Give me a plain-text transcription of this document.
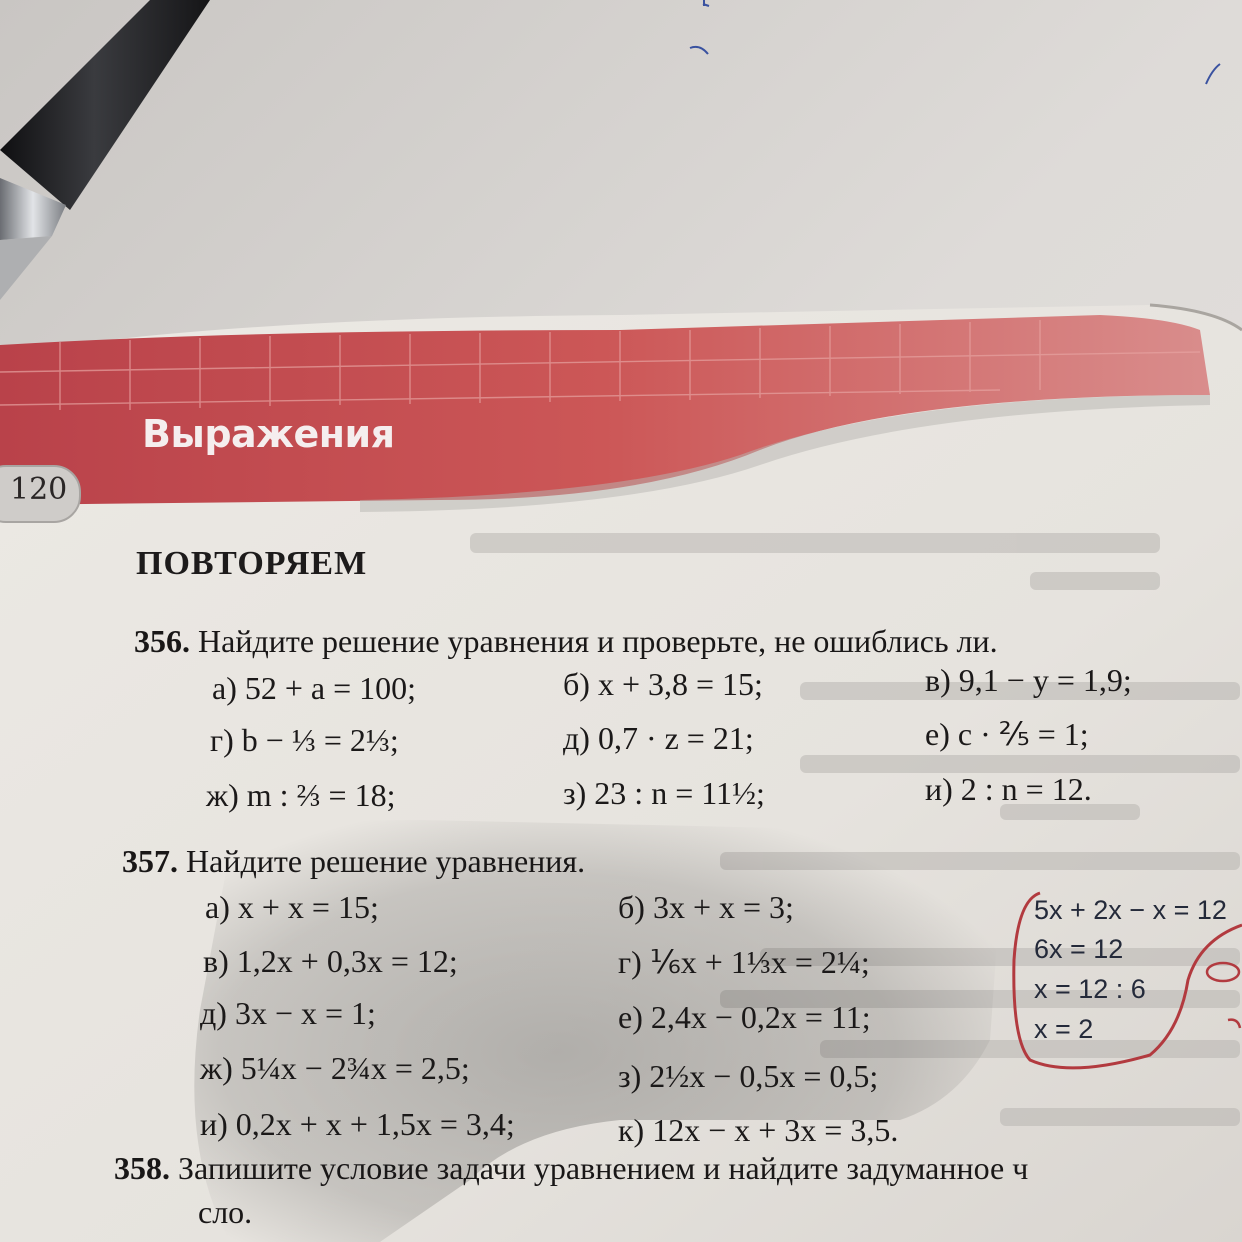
Выражения
120
ПОВТОРЯЕМ
356. Найдите решение уравнения и проверьте, не ошиблись ли.
а) 52 + a = 100;	б) x + 3,8 = 15;	в) 9,1 − y = 1,9;
г) b − ⅓ = 2⅓;	д) 0,7 · z = 21;	е) c · ⅖ = 1;
ж) m : ⅔ = 18;	з) 23 : n = 11½;	и) 2 : n = 12.
357. Найдите решение уравнения.
а) x + x = 15;	б) 3x + x = 3;
в) 1,2x + 0,3x = 12;	г) ⅙x + 1⅓x = 2¼;
д) 3x − x = 1;	е) 2,4x − 0,2x = 11;
ж) 5¼x − 2¾x = 2,5;	з) 2½x − 0,5x = 0,5;
и) 0,2x + x + 1,5x = 3,4;	к) 12x − x + 3x = 3,5.
358. Запишите условие задачи уравнением и найдите задуманное ч
сло.
5x + 2x − x = 12
6x = 12
x = 12 : 6
x = 2
